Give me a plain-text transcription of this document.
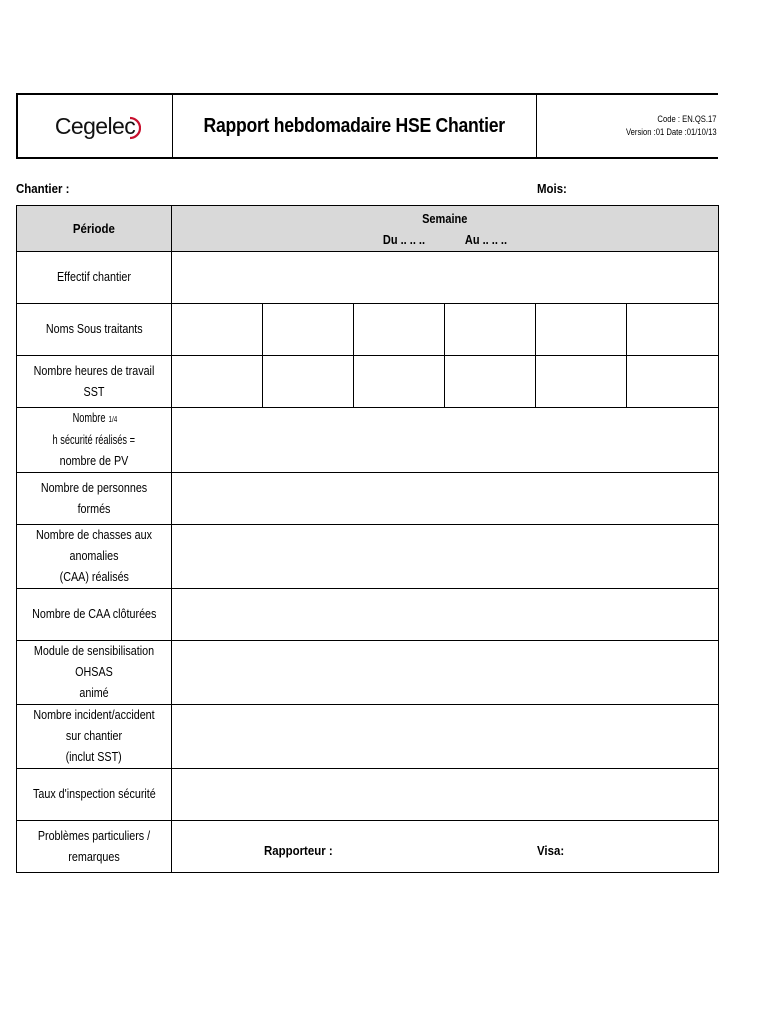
Cegelec	Rapport hebdomadaire HSE Chantier	Code : EN.QS.17
Version :01 Date :01/10/13
Chantier :	Mois:
Période	Semaine
Du .. .. .. Au .. .. ..					

Effectif chantier						
Noms Sous traitants						
Nombre heures de travail SST						
Nombre1/4h sécurité réalisés =
nombre de PV						
Nombre de personnes formés						
Nombre de chasses aux anomalies
(CAA) réalisés						
Nombre de CAA clôturées						
Module de sensibilisation OHSAS
animé						
Nombre incident/accident sur chantier
(inclut SST)						
Taux d'inspection sécurité						
Problèmes particuliers / remarques							Rapporteur :	Visa:
